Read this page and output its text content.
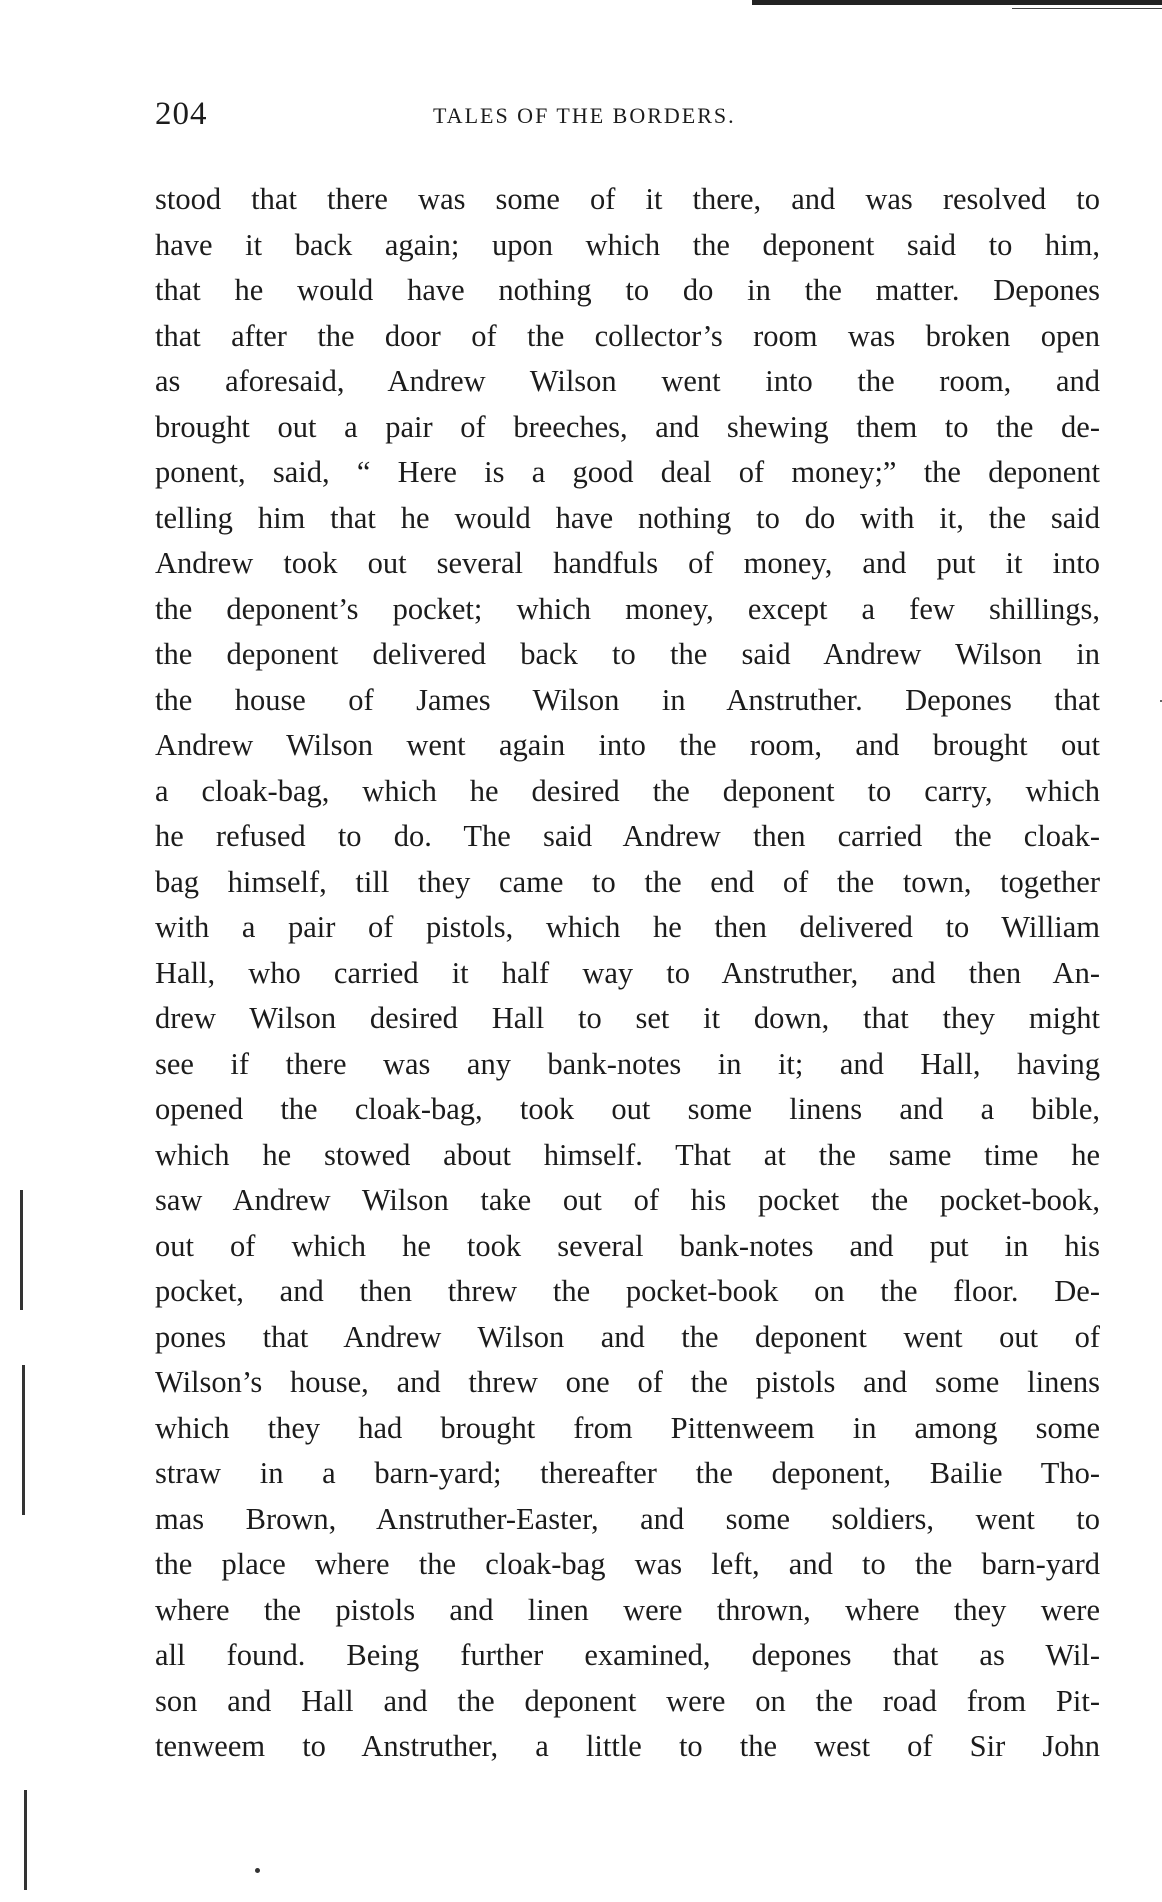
204	TALES OF THE BORDERS.
stood that there was some of it there, and was resolved to
have it back again; upon which the deponent said to him,
that he would have nothing to do in the matter. Depones
that after the door of the collector’s room was broken open
as aforesaid, Andrew Wilson went into the room, and
brought out a pair of breeches, and shewing them to the de-
ponent, said, “ Here is a good deal of money;” the deponent
telling him that he would have nothing to do with it, the said
Andrew took out several handfuls of money, and put it into
the deponent’s pocket; which money, except a few shillings,
the deponent delivered back to the said Andrew Wilson in
the house of James Wilson in Anstruther. Depones that
Andrew Wilson went again into the room, and brought out
a cloak-bag, which he desired the deponent to carry, which
he refused to do. The said Andrew then carried the cloak-
bag himself, till they came to the end of the town, together
with a pair of pistols, which he then delivered to William
Hall, who carried it half way to Anstruther, and then An-
drew Wilson desired Hall to set it down, that they might
see if there was any bank-notes in it; and Hall, having
opened the cloak-bag, took out some linens and a bible,
which he stowed about himself. That at the same time he
saw Andrew Wilson take out of his pocket the pocket-book,
out of which he took several bank-notes and put in his
pocket, and then threw the pocket-book on the floor. De-
pones that Andrew Wilson and the deponent went out of
Wilson’s house, and threw one of the pistols and some linens
which they had brought from Pittenweem in among some
straw in a barn-yard; thereafter the deponent, Bailie Tho-
mas Brown, Anstruther-Easter, and some soldiers, went to
the place where the cloak-bag was left, and to the barn-yard
where the pistols and linen were thrown, where they were
all found. Being further examined, depones that as Wil-
son and Hall and the deponent were on the road from Pit-
tenweem to Anstruther, a little to the west of Sir John
